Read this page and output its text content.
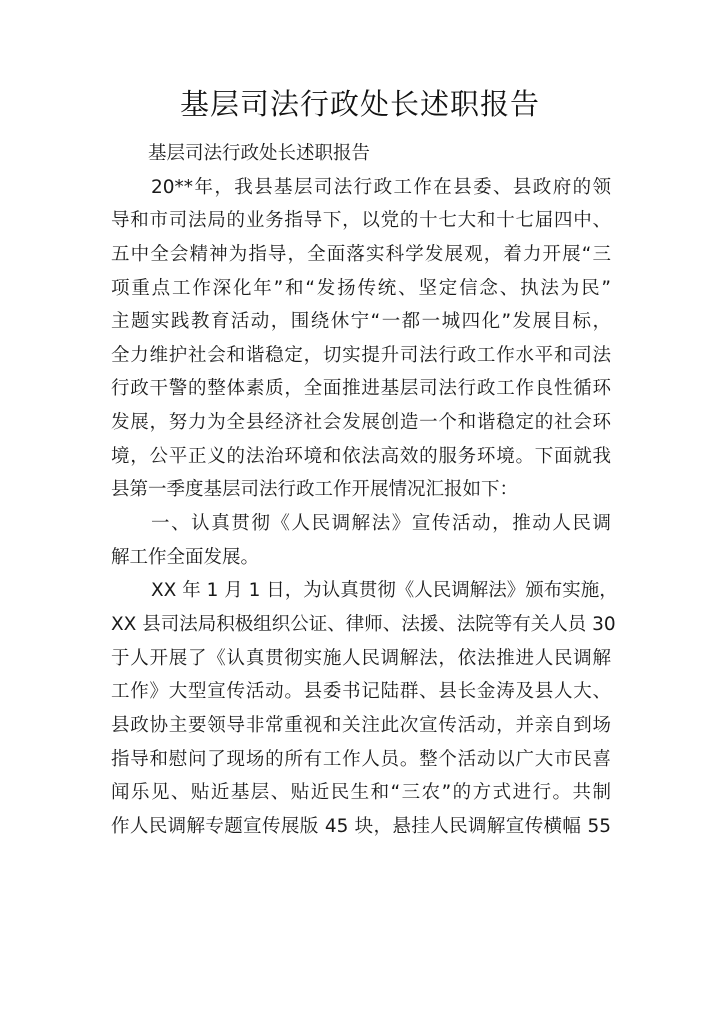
基层司法行政处长述职报告
基层司法行政处长述职报告
20**年，我县基层司法行政工作在县委、县政府的领
导和市司法局的业务指导下，以党的十七大和十七届四中、
五中全会精神为指导，全面落实科学发展观，着力开展“三
项重点工作深化年”和“发扬传统、坚定信念、执法为民”
主题实践教育活动，围绕休宁“一都一城四化”发展目标，
全力维护社会和谐稳定，切实提升司法行政工作水平和司法
行政干警的整体素质，全面推进基层司法行政工作良性循环
发展，努力为全县经济社会发展创造一个和谐稳定的社会环
境，公平正义的法治环境和依法高效的服务环境。下面就我
县第一季度基层司法行政工作开展情况汇报如下：
一、认真贯彻《人民调解法》宣传活动，推动人民调
解工作全面发展。
XX 年 1 月 1 日，为认真贯彻《人民调解法》颁布实施，
XX 县司法局积极组织公证、律师、法援、法院等有关人员 30
于人开展了《认真贯彻实施人民调解法，依法推进人民调解
工作》大型宣传活动。县委书记陆群、县长金涛及县人大、
县政协主要领导非常重视和关注此次宣传活动，并亲自到场
指导和慰问了现场的所有工作人员。整个活动以广大市民喜
闻乐见、贴近基层、贴近民生和“三农”的方式进行。共制
作人民调解专题宣传展版 45 块，悬挂人民调解宣传横幅 55
